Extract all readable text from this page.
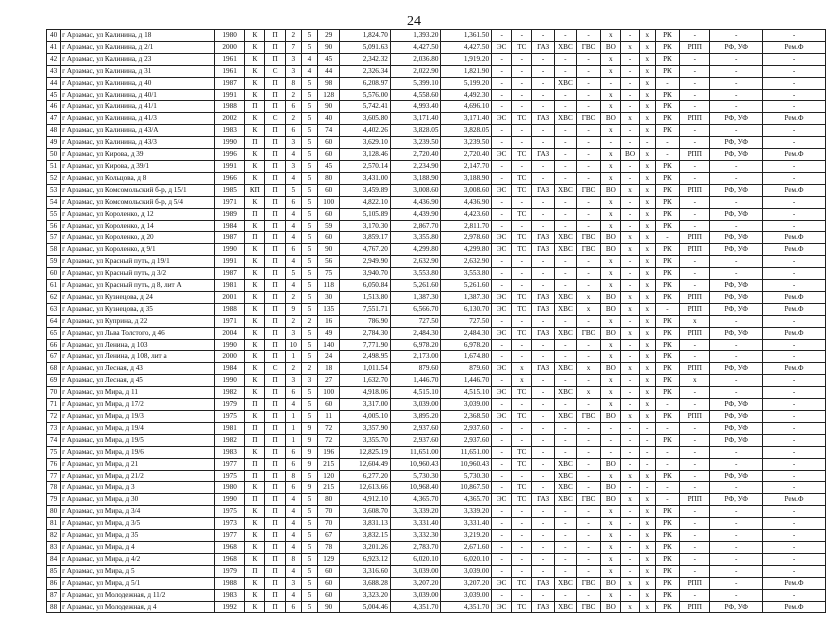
24
40	г Арзамас, ул Калинина, д 18	1980	К	П	2	5	29	1,824.70	1,393.20	1,361.50	-	-	-	-	-	х	-	х	РК	-	-	-
41	г Арзамас, ул Калинина, д 2/1	2000	К	П	7	5	90	5,091.63	4,427.50	4,427.50	ЭС	ТС	ГАЗ	ХВС	ГВС	ВО	х	х	РК	РПП	РФ, УФ	Рем.Ф
42	г Арзамас, ул Калинина, д 23	1961	К	П	3	4	45	2,342.32	2,036.80	1,919.20	-	-	-	-	-	х	-	х	РК	-	-	-
43	г Арзамас, ул Калинина, д 31	1961	К	С	3	4	44	2,326.34	2,022.90	1,821.90	-	-	-	-	-	х	-	х	РК	-	-	-
44	г Арзамас, ул Калинина, д 40	1987	К	П	8	5	98	6,208.97	5,399.10	5,199.20	-	-	-	ХВС	-	-	-	х	-	-	-	-
45	г Арзамас, ул Калинина, д 40/1	1991	К	П	2	5	128	5,576.00	4,558.60	4,492.30	-	-	-	-	-	х	-	х	РК	-	-	-
46	г Арзамас, ул Калинина, д 41/1	1988	П	П	6	5	90	5,742.41	4,993.40	4,696.10	-	-	-	-	-	х	-	х	РК	-	-	-
47	г Арзамас, ул Калинина, д 41/3	2002	К	С	2	5	40	3,605.80	3,171.40	3,171.40	ЭС	ТС	ГАЗ	ХВС	ГВС	ВО	х	х	РК	РПП	РФ, УФ	Рем.Ф
48	г Арзамас, ул Калинина, д 43/А	1983	К	П	6	5	74	4,402.26	3,828.05	3,828.05	-	-	-	-	-	х	-	х	РК	-	-	-
49	г Арзамас, ул Калинина, д 43/3	1990	П	П	3	5	60	3,629.10	3,239.50	3,239.50	-	-	-	-	-	-	-	-	-	-	РФ, УФ	-
50	г Арзамас, ул Кирова, д 39	1996	К	П	4	5	60	3,128.46	2,720.40	2,720.40	ЭС	ТС	ГАЗ	-	-	х	ВО	х	-	РПП	РФ, УФ	Рем.Ф
51	г Арзамас, ул Кирова, д 39/1	1991	К	П	3	5	45	2,570.14	2,234.90	2,147.70	-	-	-	-	-	х	-	х	РК	-	-	-
52	г Арзамас, ул Кольцова, д 8	1966	К	П	4	5	80	3,431.00	3,188.90	3,188.90	-	ТС	-	-	-	х	-	х	РК	-	-	-
53	г Арзамас, ул Комсомольский б-р, д 15/1	1985	КП	П	5	5	60	3,459.89	3,008.60	3,008.60	ЭС	ТС	ГАЗ	ХВС	ГВС	ВО	х	х	РК	РПП	РФ, УФ	Рем.Ф
54	г Арзамас, ул Комсомольский б-р, д 5/4	1971	К	П	6	5	100	4,822.10	4,436.90	4,436.90	-	-	-	-	-	х	-	х	РК	-	-	-
55	г Арзамас, ул Короленко, д 12	1989	П	П	4	5	60	5,105.89	4,439.90	4,423.60	-	ТС	-	-	-	х	-	х	РК	-	РФ, УФ	-
56	г Арзамас, ул Короленко, д 14	1984	К	П	4	5	59	3,170.30	2,867.70	2,811.70	-	-	-	-	-	х	-	х	РК	-	-	-
57	г Арзамас, ул Короленко, д 20	1987	П	П	4	5	60	3,859.17	3,355.80	2,978.60	ЭС	ТС	ГАЗ	ХВС	ГВС	ВО	х	х	-	РПП	РФ, УФ	Рем.Ф
58	г Арзамас, ул Короленко, д 9/1	1990	К	П	6	5	90	4,767.20	4,299.80	4,299.80	ЭС	ТС	ГАЗ	ХВС	ГВС	ВО	х	х	РК	РПП	РФ, УФ	Рем.Ф
59	г Арзамас, ул Красный путь, д 19/1	1991	К	П	4	5	56	2,949.90	2,632.90	2,632.90	-	-	-	-	-	х	-	х	РК	-	-	-
60	г Арзамас, ул Красный путь, д 3/2	1987	К	П	5	5	75	3,940.70	3,553.80	3,553.80	-	-	-	-	-	х	-	х	РК	-	-	-
61	г Арзамас, ул Красный путь, д 8, лит А	1981	К	П	4	5	118	6,050.84	5,261.60	5,261.60	-	-	-	-	-	х	-	х	РК	-	РФ, УФ	-
62	г Арзамас, ул Кузнецова, д 24	2001	К	П	2	5	30	1,513.80	1,387.30	1,387.30	ЭС	ТС	ГАЗ	ХВС	х	ВО	х	х	РК	РПП	РФ, УФ	Рем.Ф
63	г Арзамас, ул Кузнецова, д 35	1988	К	П	9	5	135	7,551.71	6,566.70	6,130.70	ЭС	ТС	ГАЗ	ХВС	х	ВО	х	х	-	РПП	РФ, УФ	Рем.Ф
64	г Арзамас, ул Куприна, д 22	1971	К	П	2	2	16	786.90	727.50	727.50	-	-	-	-	-	х	-	х	РК	х	-	-
65	г Арзамас, ул Льва Толстого, д 46	2004	К	П	3	5	49	2,784.30	2,484.30	2,484.30	ЭС	ТС	ГАЗ	ХВС	ГВС	ВО	х	х	РК	РПП	РФ, УФ	Рем.Ф
66	г Арзамас, ул Ленина, д 103	1990	К	П	10	5	140	7,771.90	6,978.20	6,978.20	-	-	-	-	-	х	-	х	РК	-	-	-
67	г Арзамас, ул Ленина, д 108, лит а	2000	К	П	1	5	24	2,498.95	2,173.00	1,674.80	-	-	-	-	-	х	-	х	РК	-	-	-
68	г Арзамас, ул Лесная, д 43	1984	К	С	2	2	18	1,011.54	879.60	879.60	ЭС	х	ГАЗ	ХВС	х	ВО	х	х	РК	РПП	РФ, УФ	Рем.Ф
69	г Арзамас, ул Лесная, д 45	1990	К	П	3	3	27	1,632.70	1,446.70	1,446.70	-	х	-	-	-	х	-	х	РК	х	-	-
70	г Арзамас, ул Мира, д 11	1982	К	П	6	5	100	4,918.06	4,515.10	4,515.10	ЭС	ТС	-	ХВС	х	х	-	х	РК	-	-	-
71	г Арзамас, ул Мира, д 17/2	1979	П	П	4	5	60	3,317.00	3,039.00	3,039.00	-	-	-	-	-	х	-	х	-	-	РФ, УФ	-
72	г Арзамас, ул Мира, д 19/3	1975	К	П	1	5	11	4,005.10	3,895.20	2,368.50	ЭС	ТС	-	ХВС	ГВС	ВО	х	х	РК	РПП	РФ, УФ	-
73	г Арзамас, ул Мира, д 19/4	1981	П	П	1	9	72	3,357.90	2,937.60	2,937.60	-	-	-	-	-	-	-	-	-	-	РФ, УФ	-
74	г Арзамас, ул Мира, д 19/5	1982	П	П	1	9	72	3,355.70	2,937.60	2,937.60	-	-	-	-	-	-	-	-	РК	-	РФ, УФ	-
75	г Арзамас, ул Мира, д 19/6	1983	К	П	6	9	196	12,825.19	11,651.00	11,651.00	-	ТС	-	-	-	-	-	-	-	-	-	-
76	г Арзамас, ул Мира, д 21	1977	П	П	6	9	215	12,604.49	10,960.43	10,960.43	-	ТС	-	ХВС	-	ВО	-	-	-	-	-	-
77	г Арзамас, ул Мира, д 21/2	1975	П	П	8	5	120	6,277.20	5,730.30	5,730.30	-	-	-	ХВС	-	х	х	х	РК	-	РФ, УФ	-
78	г Арзамас, ул Мира, д 3	1980	К	П	6	9	215	12,613.66	10,968.40	10,867.50	-	ТС	-	ХВС	-	ВО	-	-	-	-	-	-
79	г Арзамас, ул Мира, д 30	1990	П	П	4	5	80	4,912.10	4,365.70	4,365.70	ЭС	ТС	ГАЗ	ХВС	ГВС	ВО	х	х	-	РПП	РФ, УФ	Рем.Ф
80	г Арзамас, ул Мира, д 3/4	1975	К	П	4	5	70	3,608.70	3,339.20	3,339.20	-	-	-	-	-	х	-	х	РК	-	-	-
81	г Арзамас, ул Мира, д 3/5	1973	К	П	4	5	70	3,831.13	3,331.40	3,331.40	-	-	-	-	-	х	-	х	РК	-	-	-
82	г Арзамас, ул Мира, д 35	1977	К	П	4	5	67	3,832.15	3,332.30	3,219.20	-	-	-	-	-	х	-	х	РК	-	-	-
83	г Арзамас, ул Мира, д 4	1968	К	П	4	5	78	3,201.26	2,783.70	2,671.60	-	-	-	-	-	х	-	х	РК	-	-	-
84	г Арзамас, ул Мира, д 4/2	1968	К	П	8	5	129	6,923.12	6,020.10	6,020.10	-	-	-	-	-	х	-	х	РК	-	-	-
85	г Арзамас, ул Мира, д 5	1979	П	П	4	5	60	3,316.60	3,039.00	3,039.00	-	-	-	-	-	х	-	х	РК	-	-	-
86	г Арзамас, ул Мира, д 5/1	1988	К	П	3	5	60	3,688.28	3,207.20	3,207.20	ЭС	ТС	ГАЗ	ХВС	ГВС	ВО	х	х	РК	РПП	-	Рем.Ф
87	г Арзамас, ул Молодежная, д 11/2	1983	К	П	4	5	60	3,323.20	3,039.00	3,039.00	-	-	-	-	-	х	-	х	РК	-	-	-
88	г Арзамас, ул Молодежная, д 4	1992	К	П	6	5	90	5,004.46	4,351.70	4,351.70	ЭС	ТС	ГАЗ	ХВС	ГВС	ВО	х	х	РК	РПП	РФ, УФ	Рем.Ф
